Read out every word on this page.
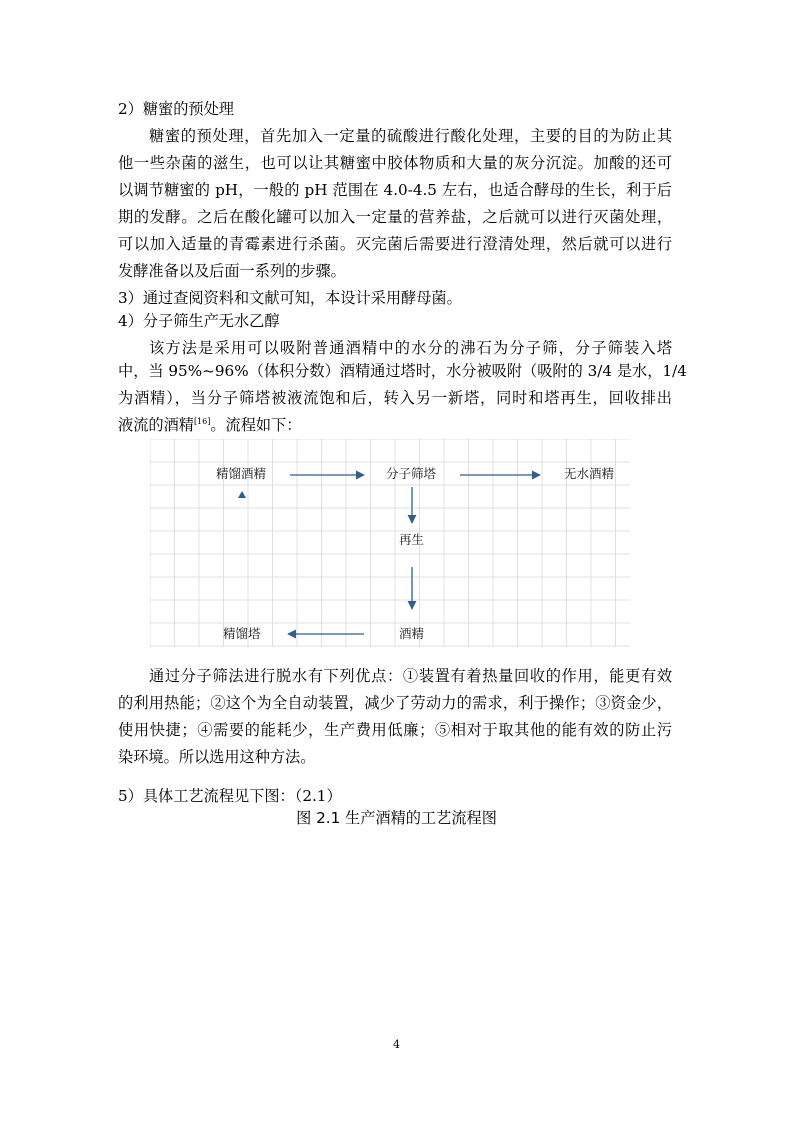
2）糖蜜的预处理
糖蜜的预处理，首先加入一定量的硫酸进行酸化处理，主要的目的为防止其
他一些杂菌的滋生，也可以让其糖蜜中胶体物质和大量的灰分沉淀。加酸的还可
以调节糖蜜的 pH，一般的 pH 范围在 4.0-4.5 左右，也适合酵母的生长，利于后
期的发酵。之后在酸化罐可以加入一定量的营养盐，之后就可以进行灭菌处理，
可以加入适量的青霉素进行杀菌。灭完菌后需要进行澄清处理，然后就可以进行
发酵准备以及后面一系列的步骤。
3）通过查阅资料和文献可知，本设计采用酵母菌。
4）分子筛生产无水乙醇
该方法是采用可以吸附普通酒精中的水分的沸石为分子筛，分子筛装入塔
中，当 95%~96%（体积分数）酒精通过塔时，水分被吸附（吸附的 3/4 是水，1/4
为酒精），当分子筛塔被液流饱和后，转入另一新塔，同时和塔再生，回收排出
液流的酒精[16]。流程如下：
精馏酒精	分子筛塔	无水酒精
再生
酒精
精馏塔
通过分子筛法进行脱水有下列优点：①装置有着热量回收的作用，能更有效
的利用热能；②这个为全自动装置，减少了劳动力的需求，利于操作；③资金少，
使用快捷；④需要的能耗少，生产费用低廉；⑤相对于取其他的能有效的防止污
染环境。所以选用这种方法。
5）具体工艺流程见下图：（2.1）
图 2.1 生产酒精的工艺流程图
4
